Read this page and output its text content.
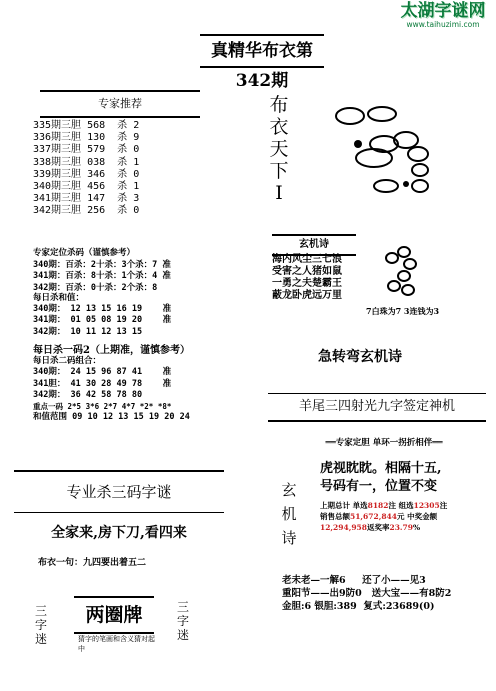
太湖字谜网
www.taihuzimi.com
真精华布衣第342期
专家推荐
335期三胆 568  杀 2
336期三胆 130  杀 9
337期三胆 579  杀 0
338期三胆 038  杀 1
339期三胆 346  杀 0
340期三胆 456  杀 1
341期三胆 147  杀 3
342期三胆 256  杀 0
专家定位杀码（谨慎参考）
340期：百杀：2十杀：3个杀：7 准
341期：百杀：8十杀：1个杀：4 准
342期：百杀：0十杀：2个杀：8
每日杀和值：
340期： 12 13 15 16 19    准
341期： 01 05 08 19 20    准
342期： 10 11 12 13 15
每日杀一码2（上期准，谨慎参考）
每日杀二码组合：
340期： 24 15 96 87 41    准
341胆： 41 30 28 49 78    准
342期： 36 42 58 78 80
重点一码 2*5 3*6 2*7 4*7 *2* *8*
和值范围 09 10 12 13 15 19 20 24
专业杀三码字谜
全家来,房下刀,看四来
布衣一句：九四要出着五二
三
字
迷
两圈牌
猜字的笔画和含义猜对起中
三
字
迷
布
衣
天
下
I
玄机诗
海内风尘三七浪
受害之人猪如鼠
一勇之夫楚霸王
蔽龙卧虎远万里
7白珠为7 3连钱为3
急转弯玄机诗
羊尾三四射光九字签定神机
══专家定胆 单环一拐折相伴══
玄
机
诗
虎视眈眈。相隔十五,
号码有一，位置不变
上期总计 单选8182注 组选12305注
销售总额51,672,844元 中奖金额
12,294,958返奖率23.79%
老未老—一解6     还了小——见3
重阳节——出9防0   送大宝——有8防2
金胆:6 银胆:389  复式:23689(0)
